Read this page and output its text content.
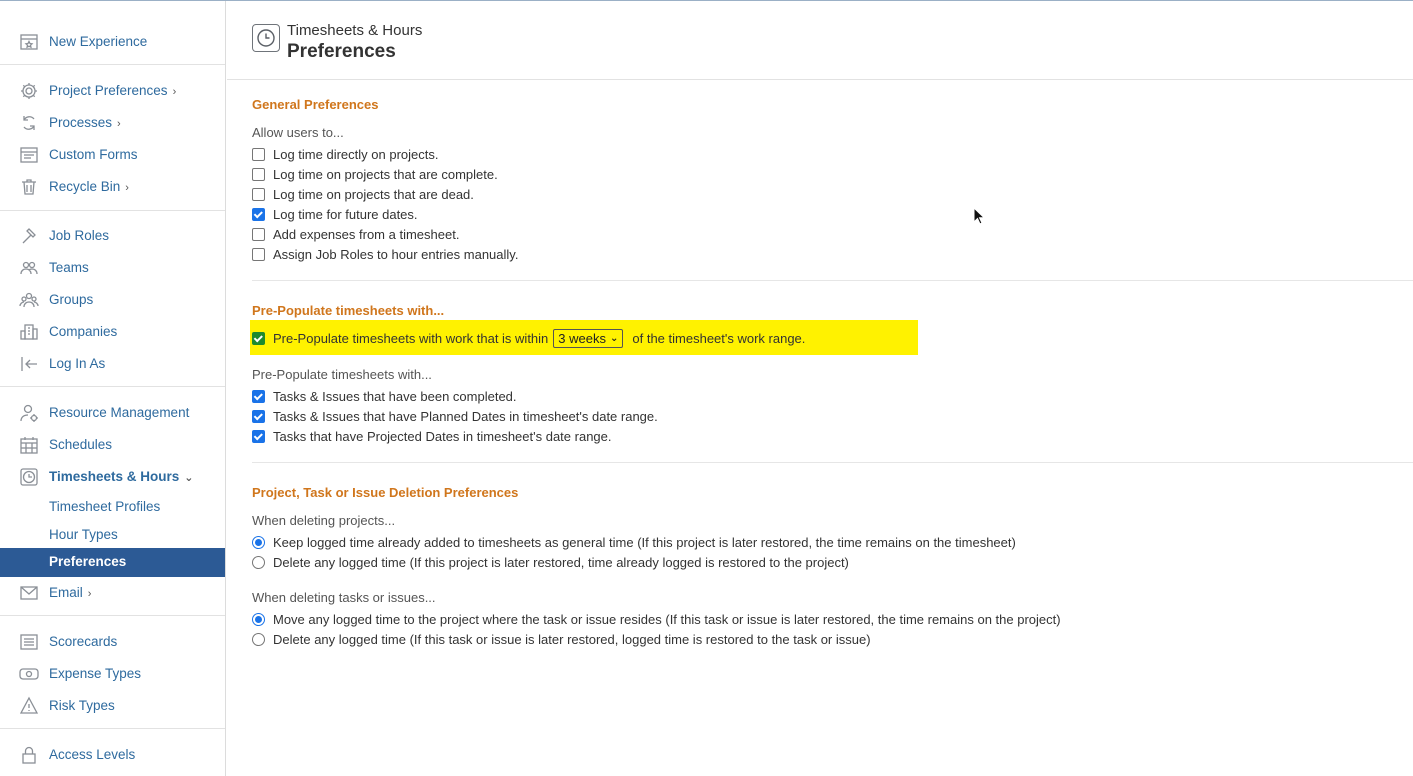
New Experience
Project Preferences ›
Processes ›
Custom Forms
Recycle Bin ›
Job Roles
Teams
Groups
Companies
Log In As
Resource Management
Schedules
Timesheets & Hours ⌄
Timesheet Profiles
Hour Types
Preferences
Email ›
Scorecards
Expense Types
Risk Types
Access Levels
Timesheets & Hours
Preferences
General Preferences
Allow users to...
Log time directly on projects.
Log time on projects that are complete.
Log time on projects that are dead.
Log time for future dates.
Add expenses from a timesheet.
Assign Job Roles to hour entries manually.
Pre-Populate timesheets with...
Pre-Populate timesheets with work that is within 3 weeks ⌄ of the timesheet's work range.
Pre-Populate timesheets with...
Tasks & Issues that have been completed.
Tasks & Issues that have Planned Dates in timesheet's date range.
Tasks that have Projected Dates in timesheet's date range.
Project, Task or Issue Deletion Preferences
When deleting projects...
Keep logged time already added to timesheets as general time (If this project is later restored, the time remains on the timesheet)
Delete any logged time (If this project is later restored, time already logged is restored to the project)
When deleting tasks or issues...
Move any logged time to the project where the task or issue resides (If this task or issue is later restored, the time remains on the project)
Delete any logged time (If this task or issue is later restored, logged time is restored to the task or issue)
